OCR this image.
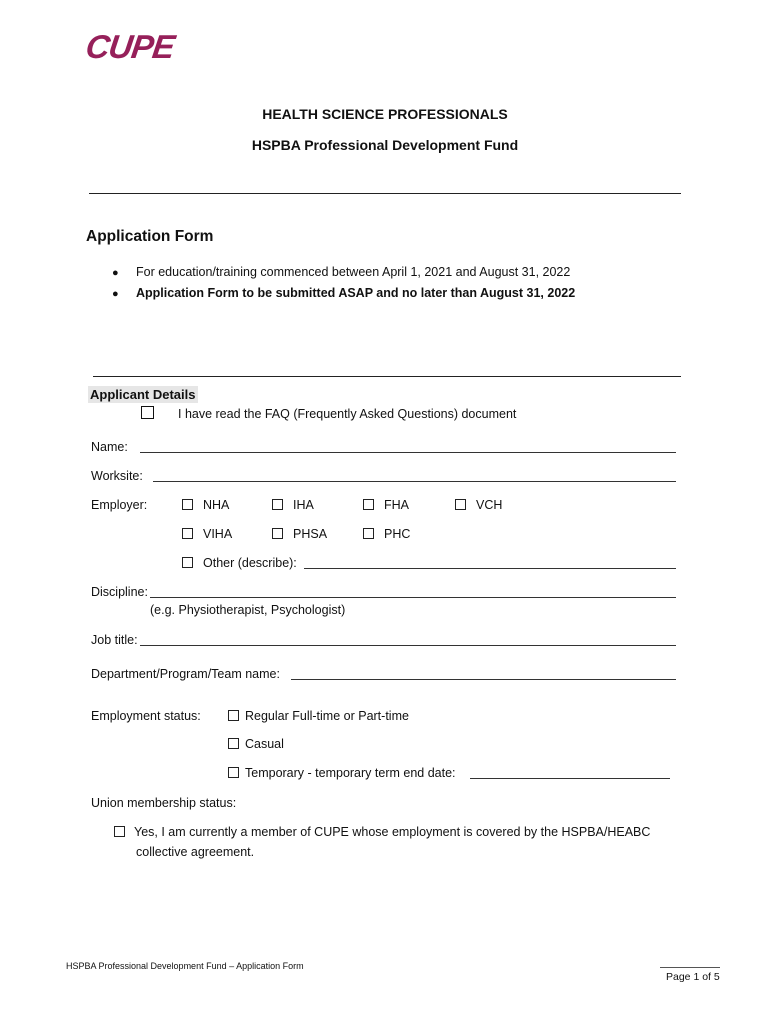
CUPE
HEALTH SCIENCE PROFESSIONALS
HSPBA Professional Development Fund
Application Form
● For education/training commenced between April 1, 2021 and August 31, 2022
● Application Form to be submitted ASAP and no later than August 31, 2022
Applicant Details
I have read the FAQ (Frequently Asked Questions) document
Name:
Worksite:
Employer:	NHA	IHA	FHA	VCH
VIHA	PHSA	PHC
Other (describe):
Discipline:
(e.g. Physiotherapist, Psychologist)
Job title:
Department/Program/Team name:
Employment status:	Regular Full-time or Part-time
Casual
Temporary - temporary term end date:
Union membership status:
Yes, I am currently a member of CUPE whose employment is covered by the HSPBA/HEABC
collective agreement.
HSPBA Professional Development Fund – Application Form
Page 1 of 5
